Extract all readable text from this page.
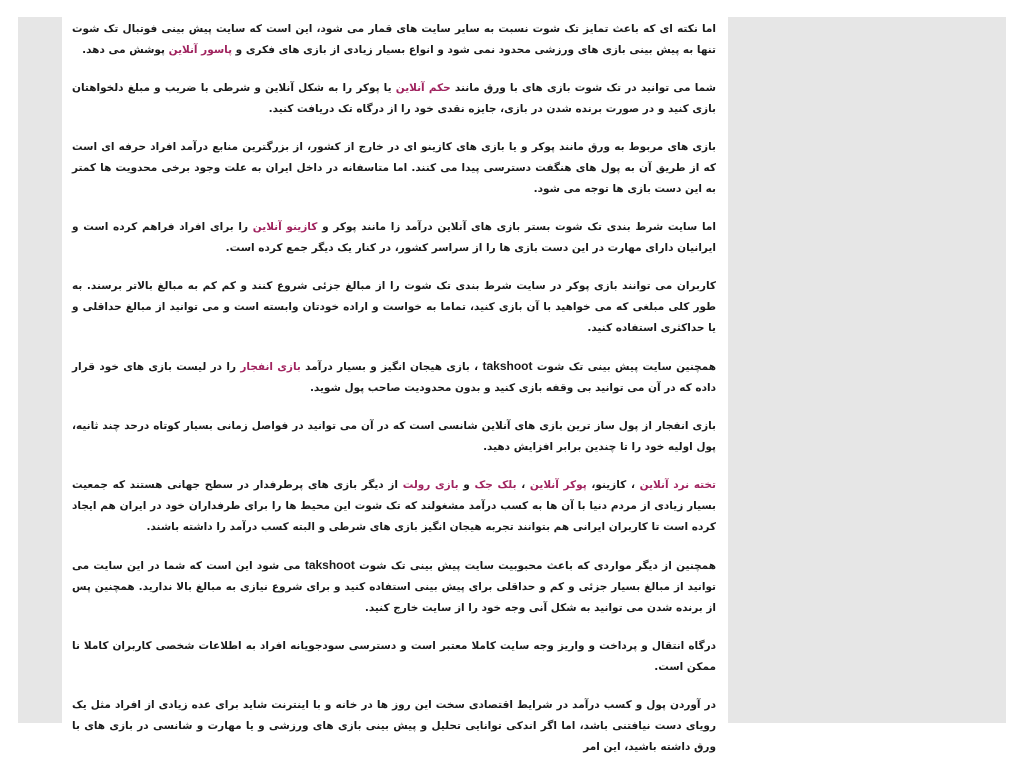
اما نکته ای که باعث تمایز تک شوت نسبت به سایر سایت های قمار می شود، این است که سایت پیش بینی فوتبال تک شوت تنها به پیش بینی بازی های ورزشی محدود نمی شود و انواع بسیار زیادی از بازی های فکری و پاسور آنلاین پوشش می دهد.

شما می توانید در تک شوت بازی های با ورق مانند حکم آنلاین یا پوکر را به شکل آنلاین و شرطی با ضریب و مبلغ دلخواهتان بازی کنید و در صورت برنده شدن در بازی، جایزه نقدی خود را از درگاه تک دریافت کنید.

بازی های مربوط به ورق مانند پوکر و یا بازی های کازینو ای در خارج از کشور، از بزرگترین منابع درآمد افراد حرفه ای است که از طریق آن به پول های هنگفت دسترسی پیدا می کنند. اما متاسفانه در داخل ایران به علت وجود برخی محدویت ها کمتر به این دست بازی ها توجه می شود.

اما سایت شرط بندی تک شوت بستر بازی های آنلاین درآمد زا مانند پوکر و کازینو آنلاین را برای افراد فراهم کرده است و ایرانیان دارای مهارت در این دست بازی ها را از سراسر کشور، در کنار یک دیگر جمع کرده است.

کاربران می توانند بازی پوکر در سایت شرط بندی تک شوت را از مبالغ جزئی شروع کنند و کم کم به مبالغ بالاتر برسند. به طور کلی مبلغی که می خواهید با آن بازی کنید، تماما به خواست و اراده خودتان وابسته است و می توانید از مبالغ حداقلی و یا حداکثری استفاده کنید.

همچنین سایت پیش بینی تک شوت takshoot ، بازی هیجان انگیز و بسیار درآمد بازی انفجار را در لیست بازی های خود قرار داده که در آن می توانید بی وقفه بازی کنید و بدون محدودیت صاحب پول شوید.

بازی انفجار از پول ساز ترین بازی های آنلاین شانسی است که در آن می توانید در فواصل زمانی بسیار کوتاه درحد چند ثانیه، پول اولیه خود را تا چندین برابر افزایش دهید.

تخته نرد آنلاین ، کازینو، پوکر آنلاین ، بلک جک و بازی رولت از دیگر بازی های پرطرفدار در سطح جهانی هستند که جمعیت بسیار زیادی از مردم دنیا با آن ها به کسب درآمد مشغولند که تک شوت این محیط ها را برای طرفداران خود در ایران هم ایجاد کرده است تا کاربران ایرانی هم بتوانند تجربه هیجان انگیز بازی های شرطی و البته کسب درآمد را داشته باشند.

همچنین از دیگر مواردی که باعث محبوبیت سایت پیش بینی تک شوت takshoot می شود این است که شما در این سایت می توانید از مبالغ بسیار جزئی و کم و حداقلی برای پیش بینی استفاده کنید و برای شروع نیازی به مبالغ بالا ندارید. همچنین پس از برنده شدن می توانید به شکل آنی وجه خود را از سایت خارج کنید.

درگاه انتقال و پرداخت و واریز وجه سایت کاملا معتبر است و دسترسی سودجویانه افراد به اطلاعات شخصی کاربران کاملا نا ممکن است.

در آوردن پول و کسب درآمد در شرایط اقتصادی سخت این روز ها در خانه و با اینترنت شاید برای عده زیادی از افراد مثل یک رویای دست نیافتنی باشد، اما اگر اندکی توانایی تحلیل و پیش بینی بازی های ورزشی و یا مهارت و شانسی در بازی های با ورق داشته باشید، این امر
